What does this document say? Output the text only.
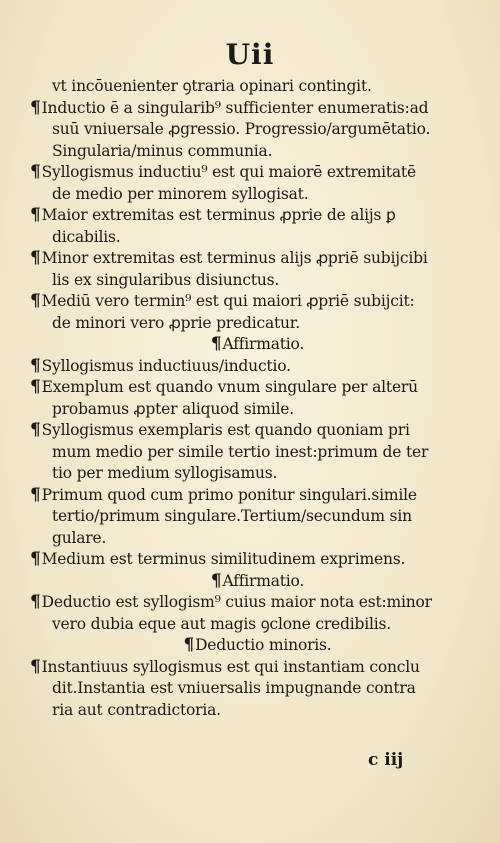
Uii
vt incōuenienter ꝯtraria opinari contingit.
¶Inductio ē a singularib⁹ sufficienter enumeratis:ad
suū vniuersale ꝓgressio. Progressio/argumētatio.
Singularia/minus communia.
¶Syllogismus inductiu⁹ est qui maiorē extremitatē
de medio per minorem syllogisat.
¶Maior extremitas est terminus ꝓprie de alijs ꝑ
dicabilis.
¶Minor extremitas est terminus alijs ꝓpriē subijcibi
lis ex singularibus disiunctus.
¶Mediū vero termin⁹ est qui maiori ꝓpriē subijcit:
de minori vero ꝓprie predicatur.
¶Affirmatio.
¶Syllogismus inductiuus/inductio.
¶Exemplum est quando vnum singulare per alterū
probamus ꝓpter aliquod simile.
¶Syllogismus exemplaris est quando quoniam pri
mum medio per simile tertio inest:primum de ter
tio per medium syllogisamus.
¶Primum quod cum primo ponitur singulari.simile
tertio/primum singulare.Tertium/secundum sin
gulare.
¶Medium est terminus similitudinem exprimens.
¶Affirmatio.
¶Deductio est syllogism⁹ cuius maior nota est:minor
vero dubia eque aut magis ꝯclone credibilis.
¶Deductio minoris.
¶Instantiuus syllogismus est qui instantiam conclu
dit.Instantia est vniuersalis impugnande contra
ria aut contradictoria.
c iij
